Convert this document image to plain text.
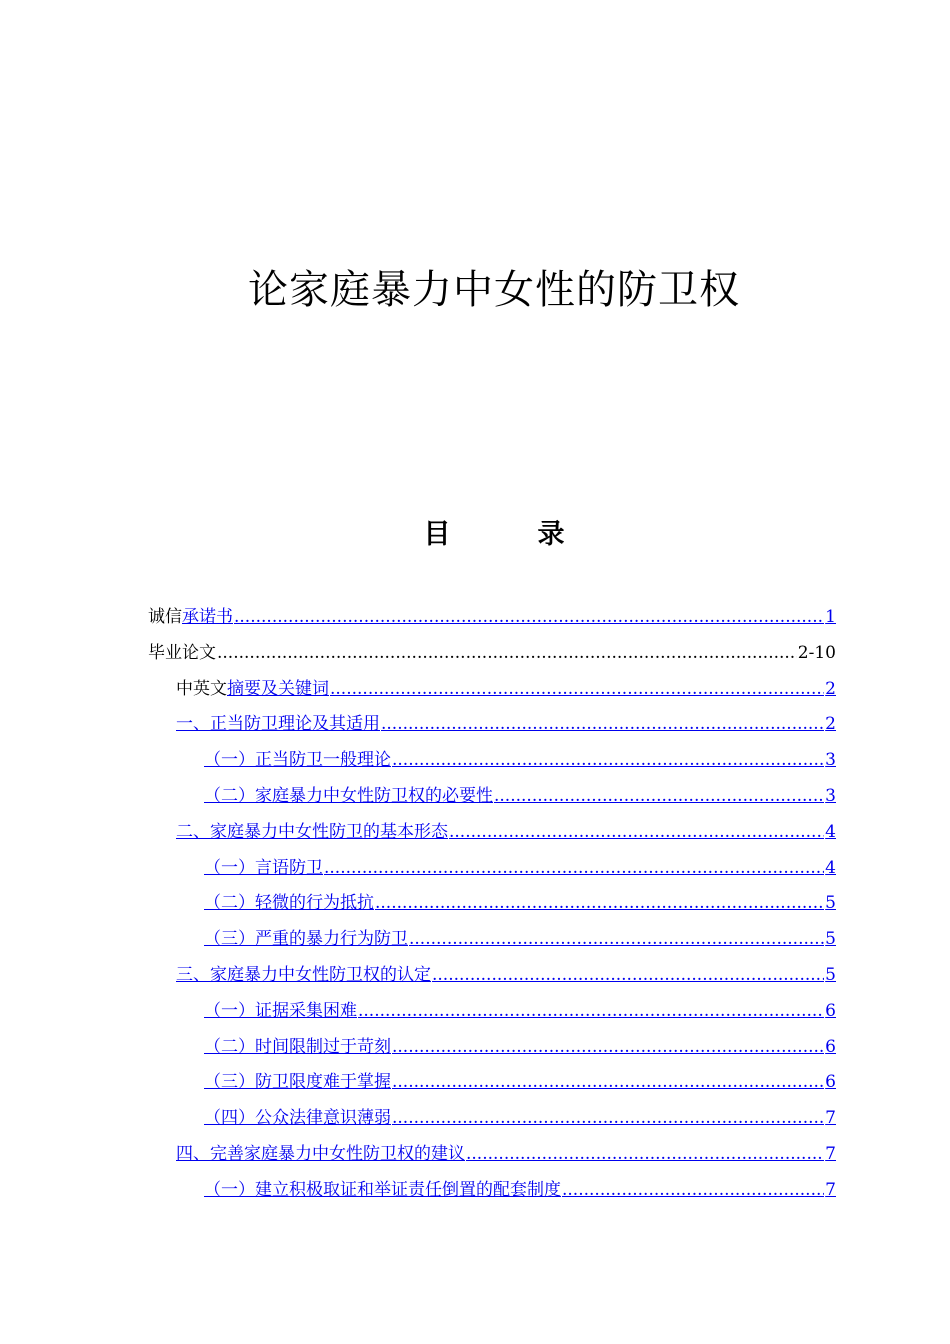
论家庭暴力中女性的防卫权
目　录
诚信 承诺书 .....	1
毕业论文 .....	2-10
中英文 摘要及关键词 .....	2
一、正当防卫理论及其适用 .....	2
（一）正当防卫一般理论 .....	3
（二）家庭暴力中女性防卫权的必要性 .....	3
二、家庭暴力中女性防卫的基本形态 .....	4
（一）言语防卫 .....	4
（二）轻微的行为抵抗 .....	5
（三）严重的暴力行为防卫 .....	5
三、家庭暴力中女性防卫权的认定 .....	5
（一）证据采集困难 .....	6
（二）时间限制过于苛刻 .....	6
（三）防卫限度难于掌握 .....	6
（四）公众法律意识薄弱 .....	7
四、完善家庭暴力中女性防卫权的建议 .....	7
（一）建立积极取证和举证责任倒置的配套制度 .....	7
